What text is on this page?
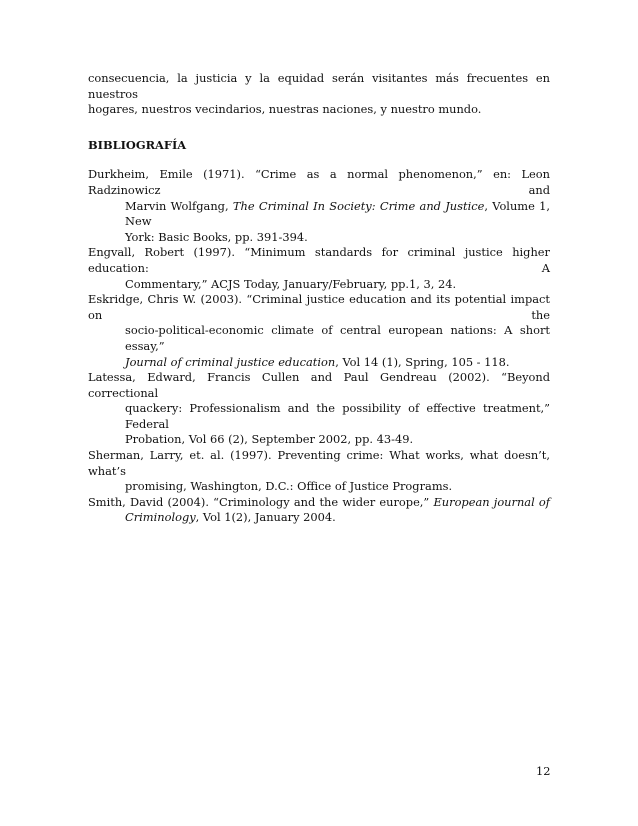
consecuencia, la justicia y la equidad serán visitantes más frecuentes en nuestros
hogares, nuestros vecindarios, nuestras naciones, y nuestro mundo.

BIBLIOGRAFÍA
Durkheim, Emile (1971). “Crime as a normal phenomenon,” en: Leon Radzinowicz and
Marvin Wolfgang, The Criminal In Society: Crime and Justice, Volume 1, New
York: Basic Books, pp. 391-394.
Engvall, Robert (1997). “Minimum standards for criminal justice higher education: A
Commentary,” ACJS Today, January/February, pp.1, 3, 24.
Eskridge, Chris W. (2003). “Criminal justice education and its potential impact on the
socio-political-economic climate of central european nations: A short essay,”
Journal of criminal justice education, Vol 14 (1), Spring, 105 - 118.
Latessa, Edward, Francis Cullen and Paul Gendreau (2002). “Beyond correctional
quackery: Professionalism and the possibility of effective treatment,” Federal
Probation, Vol 66 (2), September 2002, pp. 43-49.
Sherman, Larry, et. al. (1997). Preventing crime: What works, what doesn’t, what’s
promising, Washington, D.C.: Office of Justice Programs.
Smith, David (2004). “Criminology and the wider europe,” European journal of
Criminology, Vol 1(2), January 2004.
12
